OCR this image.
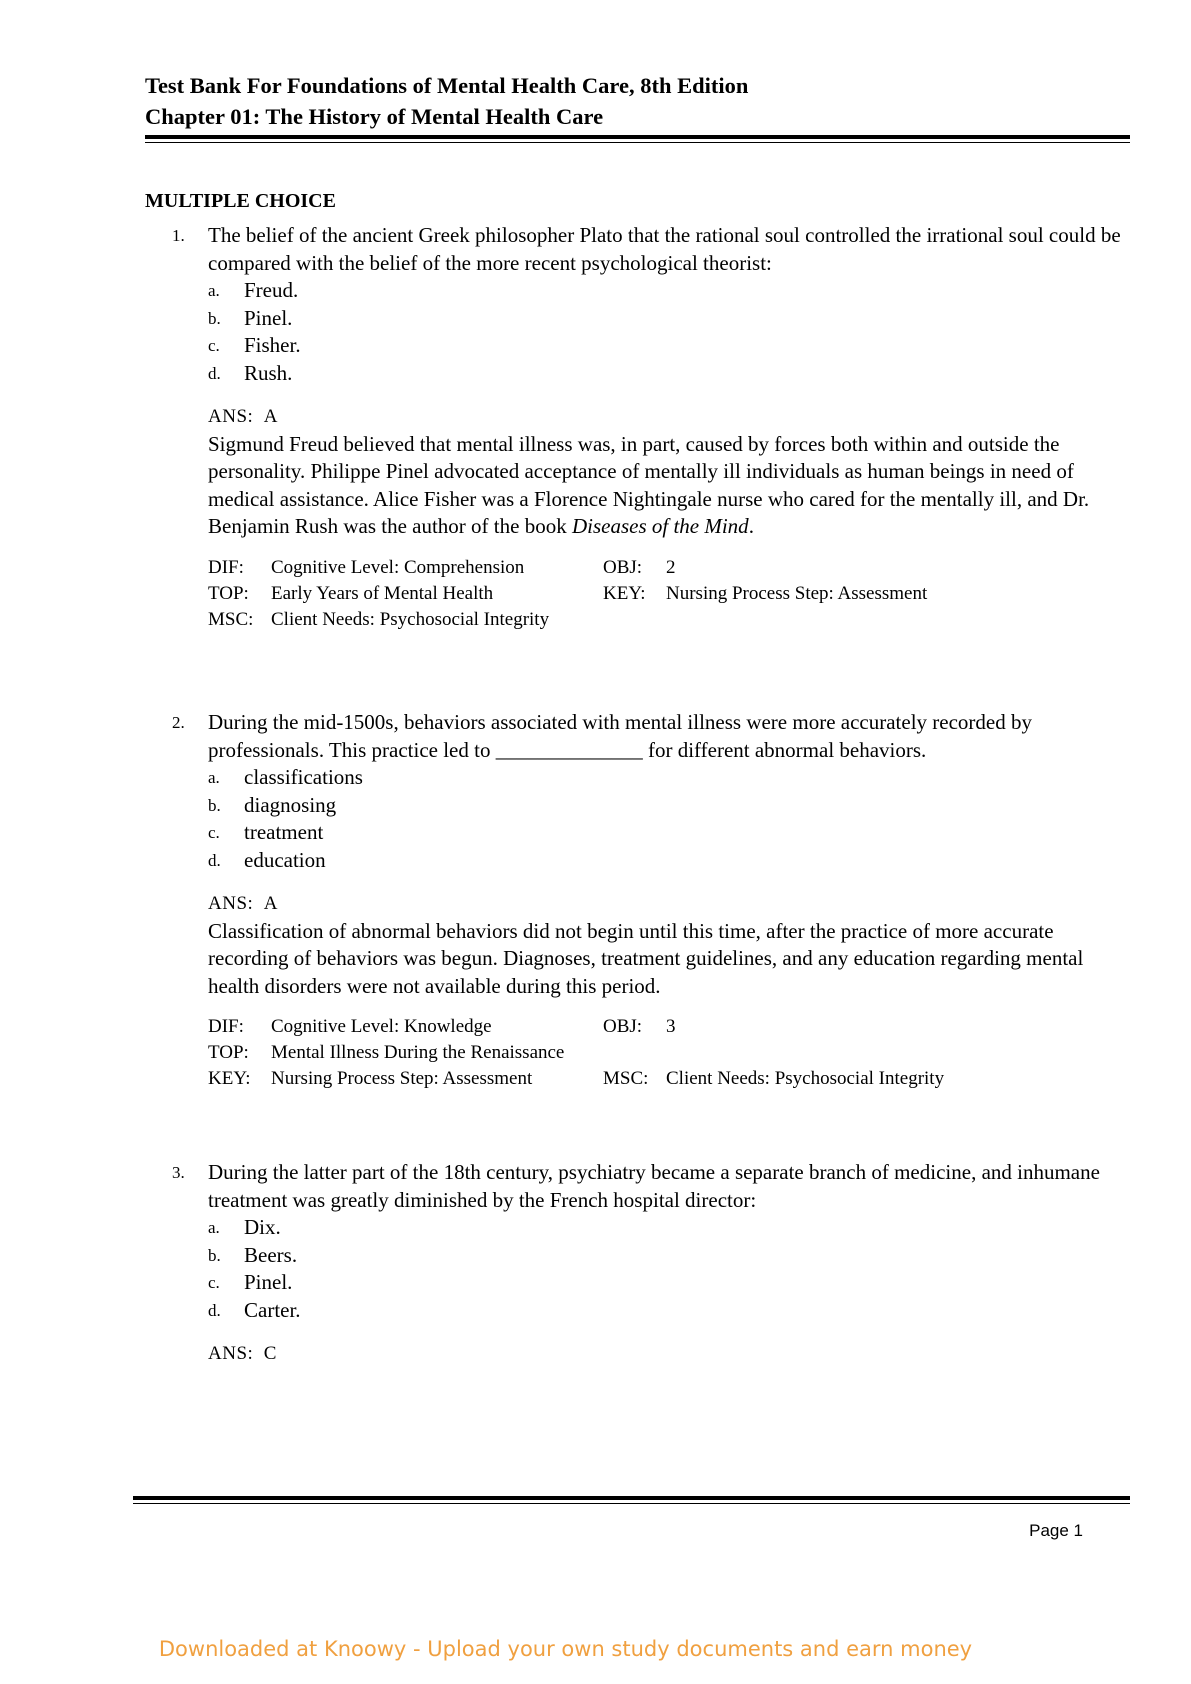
Test Bank For Foundations of Mental Health Care, 8th Edition
Chapter 01: The History of Mental Health Care
MULTIPLE CHOICE
1. The belief of the ancient Greek philosopher Plato that the rational soul controlled the irrational soul could be compared with the belief of the more recent psychological theorist:
a. Freud.
b. Pinel.
c. Fisher.
d. Rush.
ANS: A
Sigmund Freud believed that mental illness was, in part, caused by forces both within and outside the personality. Philippe Pinel advocated acceptance of mentally ill individuals as human beings in need of medical assistance. Alice Fisher was a Florence Nightingale nurse who cared for the mentally ill, and Dr. Benjamin Rush was the author of the book Diseases of the Mind.
DIF: Cognitive Level: Comprehension	OBJ: 2
TOP: Early Years of Mental Health	KEY: Nursing Process Step: Assessment
MSC: Client Needs: Psychosocial Integrity
2. During the mid-1500s, behaviors associated with mental illness were more accurately recorded by professionals. This practice led to ______________ for different abnormal behaviors.
a. classifications
b. diagnosing
c. treatment
d. education
ANS: A
Classification of abnormal behaviors did not begin until this time, after the practice of more accurate recording of behaviors was begun. Diagnoses, treatment guidelines, and any education regarding mental health disorders were not available during this period.
DIF: Cognitive Level: Knowledge	OBJ: 3
TOP: Mental Illness During the Renaissance
KEY: Nursing Process Step: Assessment	MSC: Client Needs: Psychosocial Integrity
3. During the latter part of the 18th century, psychiatry became a separate branch of medicine, and inhumane treatment was greatly diminished by the French hospital director:
a. Dix.
b. Beers.
c. Pinel.
d. Carter.
ANS: C
Page 1
Downloaded at Knoowy - Upload your own study documents and earn money
